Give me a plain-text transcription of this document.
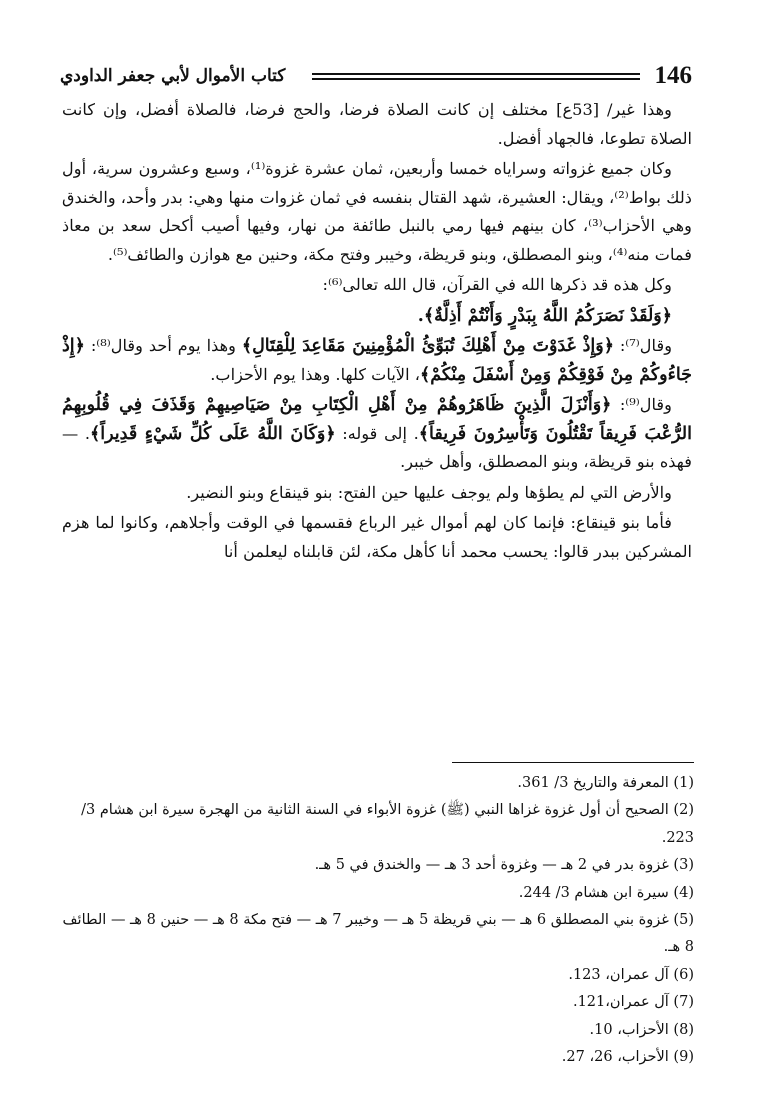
146
كتاب الأموال لأبي جعفر الداودي

وهذا غير/ [53ع] مختلف إن كانت الصلاة فرضا، والحج فرضا، فالصلاة أفضل، وإن كانت الصلاة تطوعا، فالجهاد أفضل.

وكان جميع غزواته وسراياه خمسا وأربعين، ثمان عشرة غزوة⁽¹⁾، وسبع وعشرون سرية، أول ذلك بواط⁽²⁾، ويقال: العشيرة، شهد القتال بنفسه في ثمان غزوات منها وهي: بدر وأحد، والخندق وهي الأحزاب⁽³⁾، كان بينهم فيها رمي بالنبل طائفة من نهار، وفيها أصيب أكحل سعد بن معاذ فمات منه⁽⁴⁾، وبنو المصطلق، وبنو قريظة، وخيبر وفتح مكة، وحنين مع هوازن والطائف⁽⁵⁾.

وكل هذه قد ذكرها الله في القرآن، قال الله تعالى⁽⁶⁾:

﴿وَلَقَدْ نَصَرَكُمُ اللَّهُ بِبَدْرٍ وَأَنْتُمْ أَذِلَّةٌ﴾.

وقال⁽⁷⁾: ﴿وَإِذْ غَدَوْتَ مِنْ أَهْلِكَ تُبَوِّئُ الْمُؤْمِنِينَ مَقَاعِدَ لِلْقِتَالِ﴾ وهذا يوم أحد وقال⁽⁸⁾: ﴿إِذْ جَاءُوكُمْ مِنْ فَوْقِكُمْ وَمِنْ أَسْفَلَ مِنْكُمْ﴾، الآيات كلها. وهذا يوم الأحزاب.

وقال⁽⁹⁾: ﴿وَأَنْزَلَ الَّذِينَ ظَاهَرُوهُمْ مِنْ أَهْلِ الْكِتَابِ مِنْ صَيَاصِيهِمْ وَقَذَفَ فِي قُلُوبِهِمُ الرُّعْبَ فَرِيقاً تَقْتُلُونَ وَتَأْسِرُونَ فَرِيقاً﴾. إلى قوله: ﴿وَكَانَ اللَّهُ عَلَى كُلِّ شَيْءٍ قَدِيراً﴾. — فهذه بنو قريظة، وبنو المصطلق، وأهل خيبر.

والأرض التي لم يطؤها ولم يوجف عليها حين الفتح: بنو قينقاع وبنو النضير.

فأما بنو قينقاع: فإنما كان لهم أموال غير الرباع فقسمها في الوقت وأجلاهم، وكانوا لما هزم المشركين ببدر قالوا: يحسب محمد أنا كأهل مكة، لئن قابلناه ليعلمن أنا

(1) المعرفة والتاريخ 3/ 361.

(2) الصحيح أن أول غزوة غزاها النبي (ﷺ) غزوة الأبواء في السنة الثانية من الهجرة سيرة ابن هشام 3/ 223.

(3) غزوة بدر في 2 هـ — وغزوة أحد 3 هـ — والخندق في 5 هـ.

(4) سيرة ابن هشام 3/ 244.

(5) غزوة بني المصطلق 6 هـ — بني قريظة 5 هـ — وخيبر 7 هـ — فتح مكة 8 هـ — حنين 8 هـ — الطائف 8 هـ.

(6) آل عمران، 123.

(7) آل عمران،121.

(8) الأحزاب، 10.

(9) الأحزاب، 26، 27.
